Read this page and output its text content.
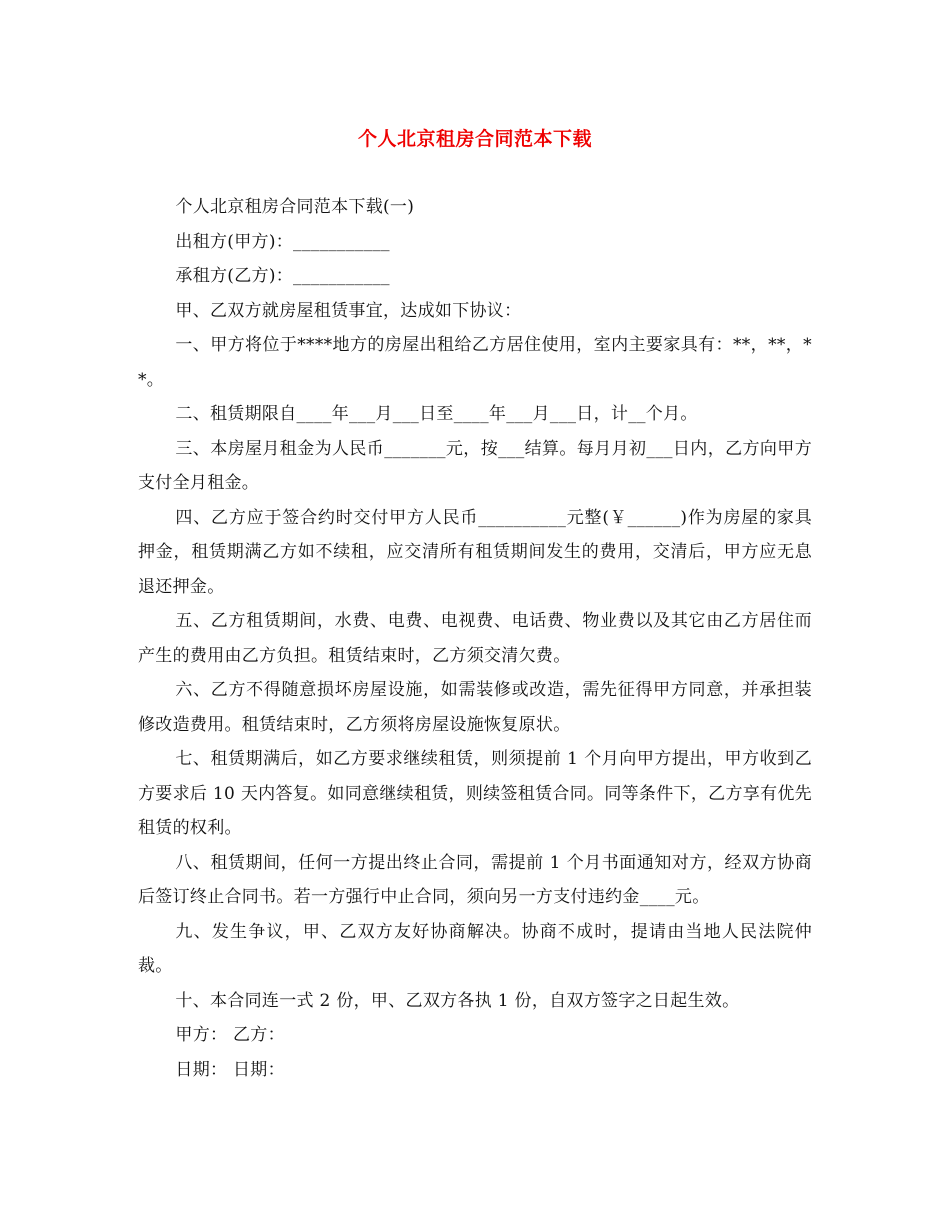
个人北京租房合同范本下载

个人北京租房合同范本下载(一)

出租方(甲方)：___________

承租方(乙方)：___________

甲、乙双方就房屋租赁事宜，达成如下协议：

一、甲方将位于****地方的房屋出租给乙方居住使用，室内主要家具有：**，**，**。

二、租赁期限自____年___月___日至____年___月___日，计__个月。

三、本房屋月租金为人民币_______元，按___结算。每月月初___日内，乙方向甲方支付全月租金。

四、乙方应于签合约时交付甲方人民币__________元整(￥______)作为房屋的家具押金，租赁期满乙方如不续租，应交清所有租赁期间发生的费用，交清后，甲方应无息退还押金。

五、乙方租赁期间，水费、电费、电视费、电话费、物业费以及其它由乙方居住而产生的费用由乙方负担。租赁结束时，乙方须交清欠费。

六、乙方不得随意损坏房屋设施，如需装修或改造，需先征得甲方同意，并承担装修改造费用。租赁结束时，乙方须将房屋设施恢复原状。

七、租赁期满后，如乙方要求继续租赁，则须提前 1 个月向甲方提出，甲方收到乙方要求后 10 天内答复。如同意继续租赁，则续签租赁合同。同等条件下，乙方享有优先租赁的权利。

八、租赁期间，任何一方提出终止合同，需提前 1 个月书面通知对方，经双方协商后签订终止合同书。若一方强行中止合同，须向另一方支付违约金____元。

九、发生争议，甲、乙双方友好协商解决。协商不成时，提请由当地人民法院仲裁。

十、本合同连一式 2 份，甲、乙双方各执 1 份，自双方签字之日起生效。

甲方： 乙方：

日期： 日期：
